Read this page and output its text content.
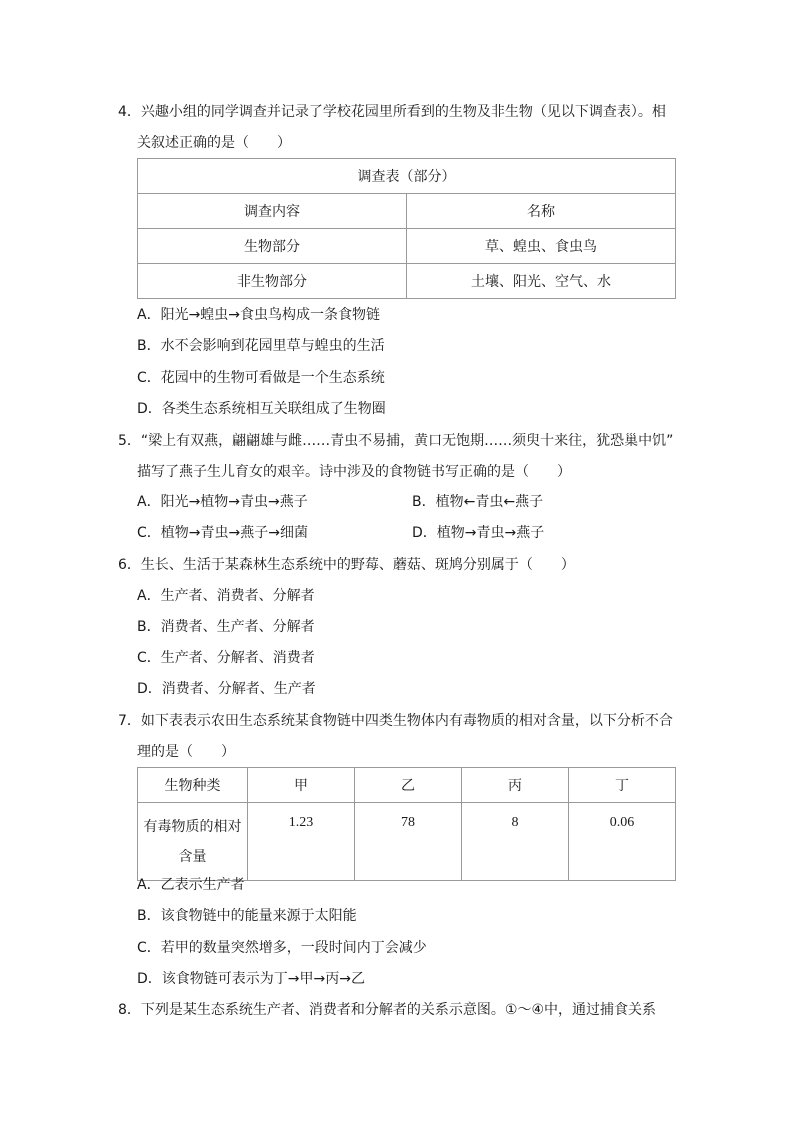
4．兴趣小组的同学调查并记录了学校花园里所看到的生物及非生物（见以下调查表）。相
关叙述正确的是（　　）
调查表（部分）	
调查内容	名称
生物部分	草、蝗虫、食虫鸟
非生物部分	土壤、阳光、空气、水
A．阳光→蝗虫→食虫鸟构成一条食物链
B．水不会影响到花园里草与蝗虫的生活
C．花园中的生物可看做是一个生态系统
D．各类生态系统相互关联组成了生物圈
5．“梁上有双燕，翩翩雄与雌……青虫不易捕，黄口无饱期……须臾十来往，犹恐巢中饥”
描写了燕子生儿育女的艰辛。诗中涉及的食物链书写正确的是（　　）
A．阳光→植物→青虫→燕子	B．植物←青虫←燕子
C．植物→青虫→燕子→细菌	D．植物→青虫→燕子
6．生长、生活于某森林生态系统中的野莓、蘑菇、斑鸠分别属于（　　）
A．生产者、消费者、分解者
B．消费者、生产者、分解者
C．生产者、分解者、消费者
D．消费者、分解者、生产者
7．如下表表示农田生态系统某食物链中四类生物体内有毒物质的相对含量，以下分析不合
理的是（　　）
生物种类	甲	乙	丙	丁
有毒物质的相对
含量	1.23	78	8	0.06
A．乙表示生产者
B．该食物链中的能量来源于太阳能
C．若甲的数量突然增多，一段时间内丁会减少
D．该食物链可表示为丁→甲→丙→乙
8．下列是某生态系统生产者、消费者和分解者的关系示意图。①～④中，通过捕食关系
